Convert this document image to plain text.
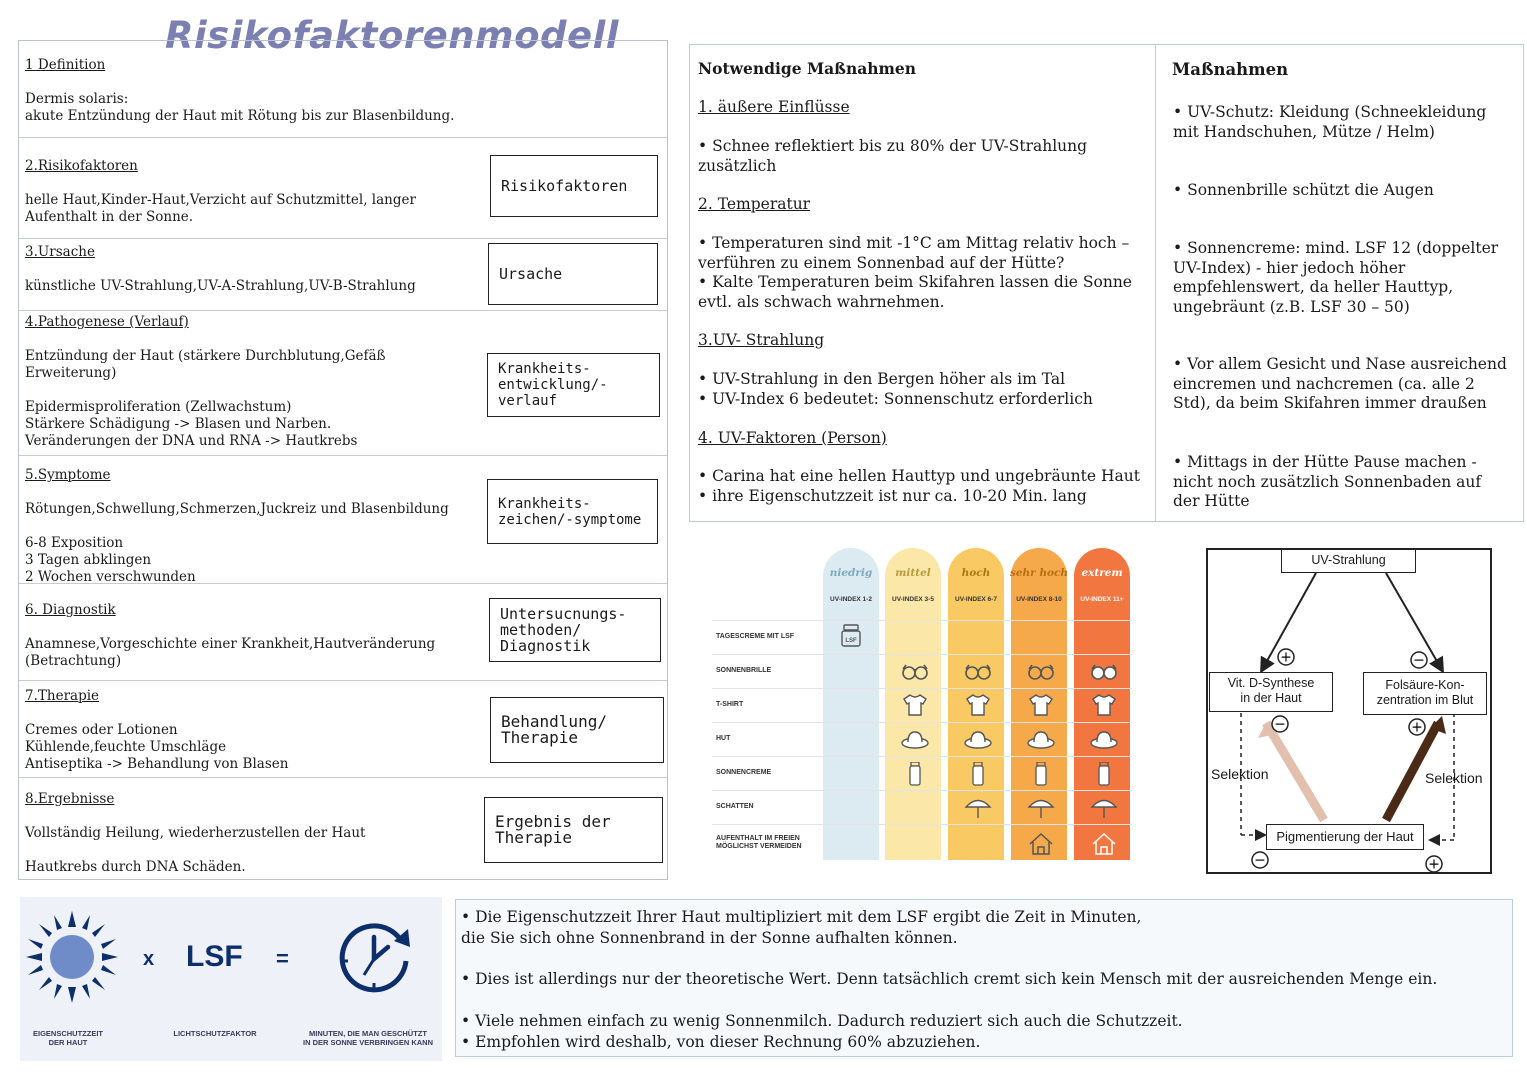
Risikofaktorenmodell
1 Definition
Dermis solaris:
akute Entzündung der Haut mit Rötung bis zur Blasenbildung.
2.Risikofaktoren
helle Haut,Kinder-Haut,Verzicht auf Schutzmittel, langer
Aufenthalt in der Sonne.
Risikofaktoren
3.Ursache
künstliche UV-Strahlung,UV-A-Strahlung,UV-B-Strahlung
Ursache
4.Pathogenese (Verlauf)
Entzündung der Haut (stärkere Durchblutung,Gefäß
Erweiterung)

Epidermisproliferation (Zellwachstum)
Stärkere Schädigung -> Blasen und Narben.
Veränderungen der DNA und RNA -> Hautkrebs
Krankheits-
entwicklung/-verlauf
5.Symptome
Rötungen,Schwellung,Schmerzen,Juckreiz und Blasenbildung

6-8 Exposition
3 Tagen abklingen
2 Wochen verschwunden
Krankheits-
zeichen/-symptome
6. Diagnostik
Anamnese,Vorgeschichte einer Krankheit,Hautveränderung
(Betrachtung)
Untersucnungs-
methoden/
Diagnostik
7.Therapie
Cremes oder Lotionen
Kühlende,feuchte Umschläge
Antiseptika -> Behandlung von Blasen
Behandlung/
Therapie
8.Ergebnisse
Vollständig Heilung, wiederherzustellen der Haut

Hautkrebs durch DNA Schäden.
Ergebnis der
Therapie
Notwendige Maßnahmen
1. äußere Einflüsse
• Schnee reflektiert bis zu 80% der UV-Strahlung
zusätzlich
2. Temperatur
• Temperaturen sind mit -1°C am Mittag relativ hoch –
verführen zu einem Sonnenbad auf der Hütte?
• Kalte Temperaturen beim Skifahren lassen die Sonne
evtl. als schwach wahrnehmen.
3.UV- Strahlung
• UV-Strahlung in den Bergen höher als im Tal
• UV-Index 6 bedeutet: Sonnenschutz erforderlich
4. UV-Faktoren (Person)
• Carina hat eine hellen Hauttyp und ungebräunte Haut
• ihre Eigenschutzzeit ist nur ca. 10-20 Min. lang
Maßnahmen
• UV-Schutz: Kleidung (Schneekleidung
mit Handschuhen, Mütze / Helm)
• Sonnenbrille schützt die Augen
• Sonnencreme: mind. LSF 12 (doppelter
UV-Index) - hier jedoch höher
empfehlenswert, da heller Hauttyp,
ungebräunt (z.B. LSF 30 – 50)
• Vor allem Gesicht und Nase ausreichend
eincremen und nachcremen (ca. alle 2
Std), da beim Skifahren immer draußen
• Mittags in der Hütte Pause machen -
nicht noch zusätzlich Sonnenbaden auf
der Hütte
niedrig	mittel	hoch	sehr hoch	extrem
UV-INDEX 1-2	UV-INDEX 3-5	UV-INDEX 6-7	UV-INDEX 8-10	UV-INDEX 11+
TAGESCREME MIT LSF
SONNENBRILLE
T-SHIRT
HUT
SONNENCREME
SCHATTEN
AUFENTHALT IM FREIEN
MÖGLICHST VERMEIDEN
LSF
UV-Strahlung
Vit. D-Synthese
in der Haut
Folsäure-Kon-
zentration im Blut
Pigmentierung der Haut
Selektion	Selektion
+	−
−	+
−	+
x LSF =
EIGENSCHUTZZEIT
DER HAUT
LICHTSCHUTZFAKTOR	MINUTEN, DIE MAN GESCHÜTZT
IN DER SONNE VERBRINGEN KANN
• Die Eigenschutzzeit Ihrer Haut multipliziert mit dem LSF ergibt die Zeit in Minuten,
die Sie sich ohne Sonnenbrand in der Sonne aufhalten können.
• Dies ist allerdings nur der theoretische Wert. Denn tatsächlich cremt sich kein Mensch mit der ausreichenden Menge ein.
• Viele nehmen einfach zu wenig Sonnenmilch. Dadurch reduziert sich auch die Schutzzeit.
• Empfohlen wird deshalb, von dieser Rechnung 60% abzuziehen.
